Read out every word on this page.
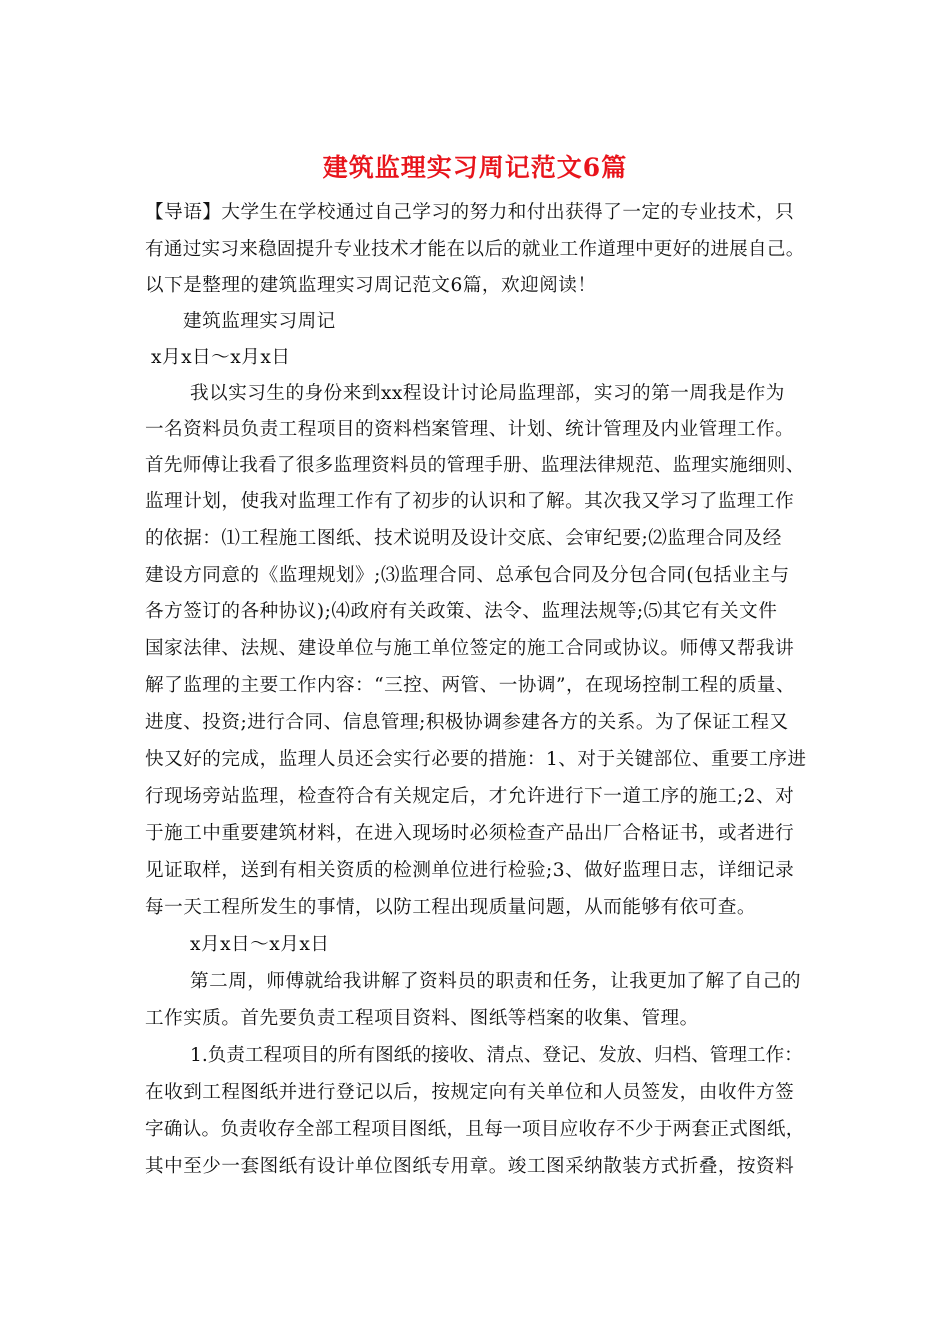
建筑监理实习周记范文6篇
【导语】大学生在学校通过自己学习的努力和付出获得了一定的专业技术，只
有通过实习来稳固提升专业技术才能在以后的就业工作道理中更好的进展自己。
以下是整理的建筑监理实习周记范文6篇，欢迎阅读！
建筑监理实习周记
x月x日～x月x日
我以实习生的身份来到xx程设计讨论局监理部，实习的第一周我是作为
一名资料员负责工程项目的资料档案管理、计划、统计管理及内业管理工作。
首先师傅让我看了很多监理资料员的管理手册、监理法律规范、监理实施细则、
监理计划，使我对监理工作有了初步的认识和了解。其次我又学习了监理工作
的依据：⑴工程施工图纸、技术说明及设计交底、会审纪要;⑵监理合同及经
建设方同意的《监理规划》;⑶监理合同、总承包合同及分包合同(包括业主与
各方签订的各种协议);⑷政府有关政策、法令、监理法规等;⑸其它有关文件
国家法律、法规、建设单位与施工单位签定的施工合同或协议。师傅又帮我讲
解了监理的主要工作内容：“三控、两管、一协调”，在现场控制工程的质量、
进度、投资;进行合同、信息管理;积极协调参建各方的关系。为了保证工程又
快又好的完成，监理人员还会实行必要的措施：1、对于关键部位、重要工序进
行现场旁站监理，检查符合有关规定后，才允许进行下一道工序的施工;2、对
于施工中重要建筑材料，在进入现场时必须检查产品出厂合格证书，或者进行
见证取样，送到有相关资质的检测单位进行检验;3、做好监理日志，详细记录
每一天工程所发生的事情，以防工程出现质量问题，从而能够有依可查。
x月x日～x月x日
第二周，师傅就给我讲解了资料员的职责和任务，让我更加了解了自己的
工作实质。首先要负责工程项目资料、图纸等档案的收集、管理。
1.负责工程项目的所有图纸的接收、清点、登记、发放、归档、管理工作：
在收到工程图纸并进行登记以后，按规定向有关单位和人员签发，由收件方签
字确认。负责收存全部工程项目图纸，且每一项目应收存不少于两套正式图纸，
其中至少一套图纸有设计单位图纸专用章。竣工图采纳散装方式折叠，按资料
